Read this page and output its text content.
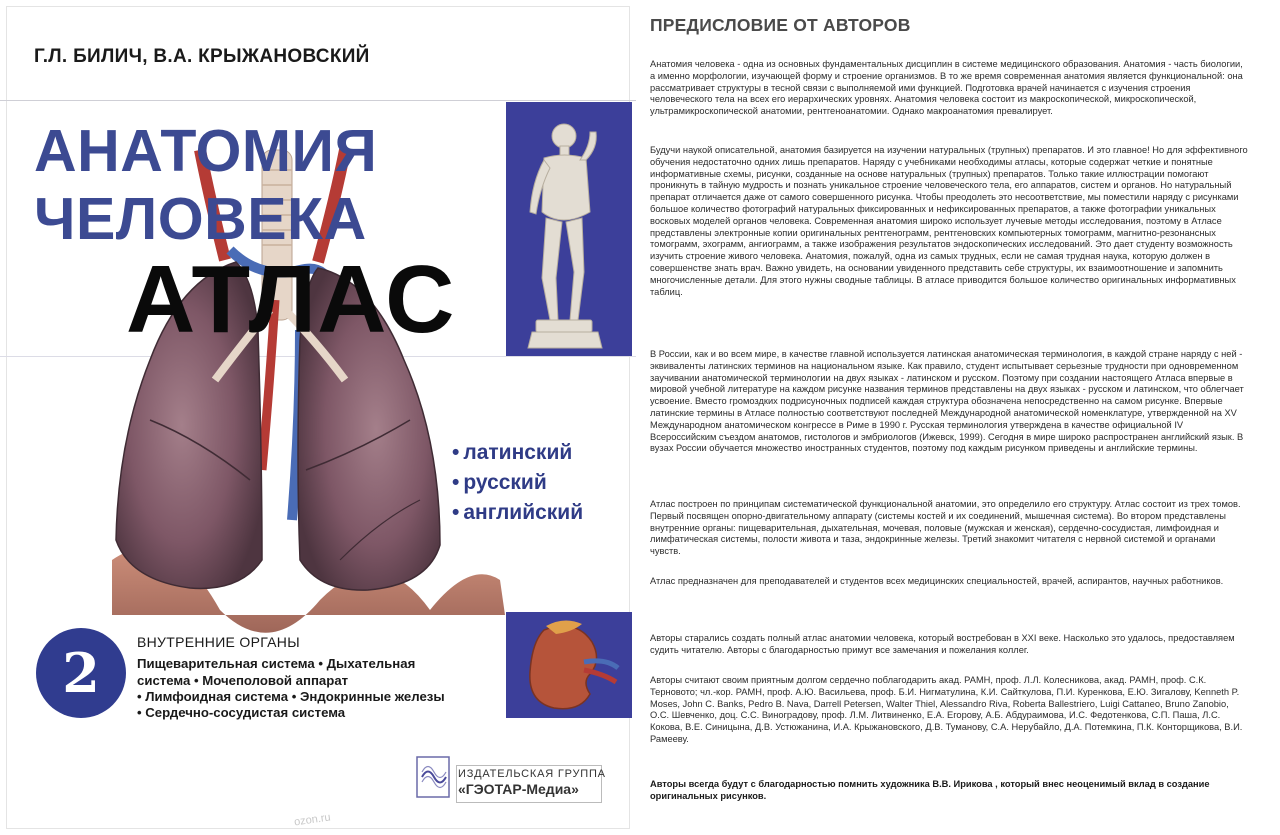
Г.Л. БИЛИЧ, В.А. КРЫЖАНОВСКИЙ
АНАТОМИЯ
ЧЕЛОВЕКА
АТЛАС
• латинский
• русский
• английский
2	ВНУТРЕННИЕ ОРГАНЫ
Пищеварительная система • Дыхательная
система • Мочеполовой аппарат
• Лимфоидная система • Эндокринные железы
• Сердечно-сосудистая система
ИЗДАТЕЛЬСКАЯ ГРУППА
«ГЭОТАР-Медиа»
ozon.ru
ПРЕДИСЛОВИЕ ОТ АВТОРОВ

Анатомия человека - одна из основных фундаментальных дисциплин в системе медицинского образования. Анатомия - часть биологии, а именно морфологии, изучающей форму и строение организмов. В то же время современная анатомия является функциональной: она рассматривает структуры в тесной связи с выполняемой ими функцией. Подготовка врачей начинается с изучения строения человеческого тела на всех его иерархических уровнях. Анатомия человека состоит из макроскопической, микроскопической, ультрамикроскопической анатомии, рентгеноанатомии. Однако макроанатомия превалирует.

Будучи наукой описательной, анатомия базируется на изучении натуральных (трупных) препаратов. И это главное! Но для эффективного обучения недостаточно одних лишь препаратов. Наряду с учебниками необходимы атласы, которые содержат четкие и понятные информативные схемы, рисунки, созданные на основе натуральных (трупных) препаратов. Только такие иллюстрации помогают проникнуть в тайную мудрость и познать уникальное строение человеческого тела, его аппаратов, систем и органов. Но натуральный препарат отличается даже от самого совершенного рисунка. Чтобы преодолеть это несоответствие, мы поместили наряду с рисунками большое количество фотографий натуральных фиксированных и нефиксированных препаратов, а также фотографии уникальных восковых моделей органов человека. Современная анатомия широко использует лучевые методы исследования, поэтому в Атласе представлены электронные копии оригинальных рентгенограмм, рентгеновских компьютерных томограмм, магнитно-резонансных томограмм, эхограмм, ангиограмм, а также изображения результатов эндоскопических исследований. Это дает студенту возможность изучить строение живого человека. Анатомия, пожалуй, одна из самых трудных, если не самая трудная наука, которую должен в совершенстве знать врач. Важно увидеть, на основании увиденного представить себе структуры, их взаимоотношение и запомнить многочисленные детали. Для этого нужны сводные таблицы. В атласе приводится большое количество оригинальных информативных таблиц.

В России, как и во всем мире, в качестве главной используется латинская анатомическая терминология, в каждой стране наряду с ней - эквиваленты латинских терминов на национальном языке. Как правило, студент испытывает серьезные трудности при одновременном заучивании анатомической терминологии на двух языках - латинском и русском. Поэтому при создании настоящего Атласа впервые в мировой учебной литературе на каждом рисунке названия терминов представлены на двух языках - русском и латинском, что облегчает усвоение. Вместо громоздких подрисуночных подписей каждая структура обозначена непосредственно на самом рисунке. Впервые латинские термины в Атласе полностью соответствуют последней Международной анатомической номенклатуре, утвержденной на XV Международном анатомическом конгрессе в Риме в 1990 г. Русская терминология утверждена в качестве официальной IV Всероссийским съездом анатомов, гистологов и эмбриологов (Ижевск, 1999). Сегодня в мире широко распространен английский язык. В вузах России обучается множество иностранных студентов, поэтому под каждым рисунком приведены и английские термины.

Атлас построен по принципам систематической функциональной анатомии, это определило его структуру. Атлас состоит из трех томов. Первый посвящен опорно-двигательному аппарату (системы костей и их соединений, мышечная система). Во втором представлены внутренние органы: пищеварительная, дыхательная, мочевая, половые (мужская и женская), сердечно-сосудистая, лимфоидная и лимфатическая системы, полости живота и таза, эндокринные железы. Третий знакомит читателя с нервной системой и органами чувств.

Атлас предназначен для преподавателей и студентов всех медицинских специальностей, врачей, аспирантов, научных работников.

Авторы старались создать полный атлас анатомии человека, который востребован в XXI веке. Насколько это удалось, предоставляем судить читателю. Авторы с благодарностью примут все замечания и пожелания коллег.

Авторы считают своим приятным долгом сердечно поблагодарить акад. РАМН, проф. Л.Л. Колесникова, акад. РАМН, проф. С.К. Терновото; чл.-кор. РАМН, проф. А.Ю. Васильева, проф. Б.И. Нигматулина, К.И. Сайткулова, П.И. Куренкова, Е.Ю. Зигалову, Kenneth P. Moses, John C. Banks, Pedro B. Nava, Darrell Petersen, Walter Thiel, Alessandro Riva, Roberta Ballestriero, Luigi Cattaneo, Bruno Zanobio, О.С. Шевченко, доц. С.С. Виноградову, проф. Л.М. Литвиненко, Е.А. Егорову, А.Б. Абдураимова, И.С. Федотенкова, С.П. Паша, Л.С. Кокова, В.Е. Синицына, Д.В. Устюжанина, И.А. Крыжановского, Д.В. Туманову, С.А. Нерубайло, Д.А. Потемкина, П.К. Конторщикова, В.И. Рамееву.

Авторы всегда будут с благодарностью помнить художника В.В. Ирикова , который внес неоценимый вклад в создание оригинальных рисунков.
